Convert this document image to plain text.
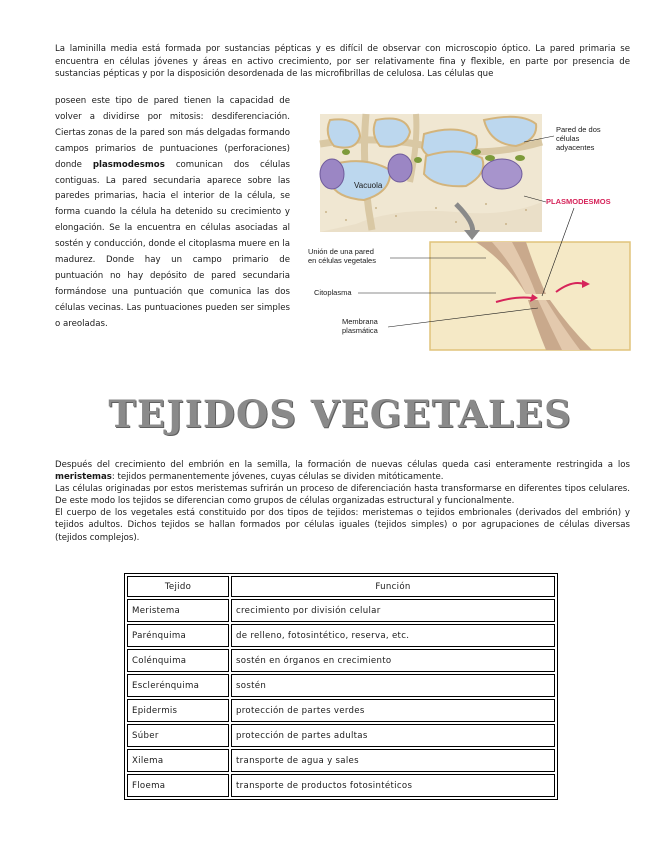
La laminilla media está formada por sustancias pépticas y es difícil de observar con microscopio óptico. La pared primaria se encuentra en células jóvenes y áreas en activo crecimiento, por ser relativamente fina y flexible, en parte por presencia de sustancias pépticas y por la disposición desordenada de las microfibrillas de celulosa. Las células que
poseen este tipo de pared tienen la capacidad de volver a dividirse por mitosis: desdiferenciación. Ciertas zonas de la pared son más delgadas formando campos primarios de puntuaciones (perforaciones) donde plasmodesmos comunican dos células contiguas. La pared secundaria aparece sobre las paredes primarias, hacia el interior de la célula, se forma cuando la célula ha detenido su crecimiento y elongación. Se la encuentra en células asociadas al sostén y conducción, donde el citoplasma muere en la madurez. Donde hay un campo primario de puntuación no hay depósito de pared secundaria formándose una puntuación que comunica las dos células vecinas. Las puntuaciones pueden ser simples o areoladas.
Vacuola
Pared de dos
células
adyacentes
PLASMODESMOS
Unión de una pared
en células vegetales
Citoplasma
Membrana
plasmática
TEJIDOS VEGETALES
Después del crecimiento del embrión en la semilla, la formación de nuevas células queda casi enteramente restringida a los meristemas: tejidos permanentemente jóvenes, cuyas células se dividen mitóticamente.
Las células originadas por estos meristemas sufrirán un proceso de diferenciación hasta transformarse en diferentes tipos celulares. De este modo los tejidos se diferencian como grupos de células organizadas estructural y funcionalmente.
El cuerpo de los vegetales está constituido por dos tipos de tejidos: meristemas o tejidos embrionales (derivados del embrión) y tejidos adultos. Dichos tejidos se hallan formados por células iguales (tejidos simples) o por agrupaciones de células diversas (tejidos complejos).
Tejido	Función
Meristema	crecimiento por división celular
Parénquima	de relleno, fotosintético, reserva, etc.
Colénquima	sostén en órganos en crecimiento
Esclerénquima	sostén
Epidermis	protección de partes verdes
Súber	protección de partes adultas
Xilema	transporte de agua y sales
Floema	transporte de productos fotosintéticos
